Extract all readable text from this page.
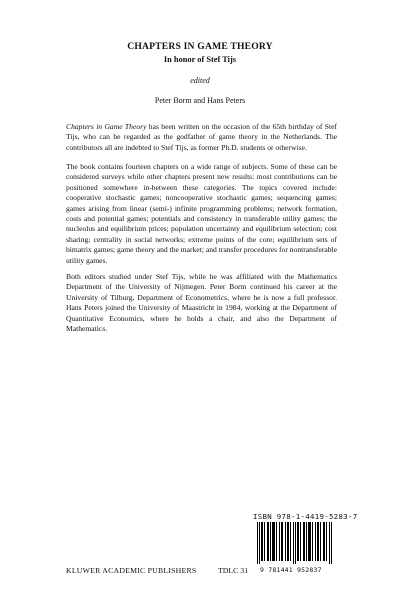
CHAPTERS IN GAME THEORY
In honor of Stef Tijs
edited
Peter Borm and Hans Peters

Chapters in Game Theory has been written on the occasion of the 65th birthday of Stef Tijs, who can be regarded as the godfather of game theory in the Netherlands. The contributors all are indebted to Stef Tijs, as former Ph.D. students or otherwise.

The book contains fourteen chapters on a wide range of subjects. Some of these can be considered surveys while other chapters present new results: most contributions can be positioned somewhere in-between these categories. The topics covered include: cooperative stochastic games; noncooperative stochastic games; sequencing games; games arising from linear (semi-) infinite programming problems; network formation, costs and potential games; potentials and consistency in transferable utility games; the nucleolus and equilibrium prices; population uncertainty and equilibrium selection; cost sharing; centrality in social networks; extreme points of the core; equilibrium sets of bimatrix games; game theory and the market; and transfer procedures for nontransferable utility games.

Both editors studied under Stef Tijs, while he was affiliated with the Mathematics Department of the University of Nijmegen. Peter Borm continued his career at the University of Tilburg, Department of Econometrics, where he is now a full professor. Hans Peters joined the University of Maastricht in 1984, working at the Department of Quantitative Economics, where he holds a chair, and also the Department of Mathematics.

ISBN 978-1-4419-5283-7
9 781441 952837
KLUWER ACADEMIC PUBLISHERS	TDLC 31
